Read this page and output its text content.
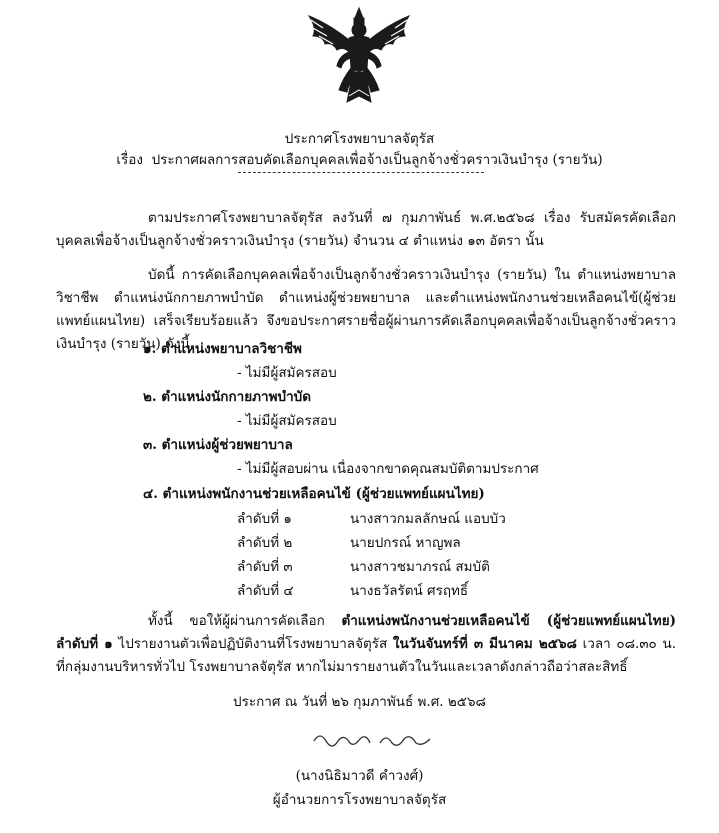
ประกาศโรงพยาบาลจัตุรัส
เรื่อง ประกาศผลการสอบคัดเลือกบุคคลเพื่อจ้างเป็นลูกจ้างชั่วคราวเงินบำรุง (รายวัน)
ตามประกาศโรงพยาบาลจัตุรัส ลงวันที่ ๗ กุมภาพันธ์ พ.ศ.๒๕๖๘ เรื่อง รับสมัครคัดเลือกบุคคลเพื่อจ้างเป็นลูกจ้างชั่วคราวเงินบำรุง (รายวัน) จำนวน ๔ ตำแหน่ง ๑๓ อัตรา นั้น
บัดนี้ การคัดเลือกบุคคลเพื่อจ้างเป็นลูกจ้างชั่วคราวเงินบำรุง (รายวัน) ใน ตำแหน่งพยาบาลวิชาชีพ ตำแหน่งนักกายภาพบำบัด ตำแหน่งผู้ช่วยพยาบาล และตำแหน่งพนักงานช่วยเหลือคนไข้(ผู้ช่วยแพทย์แผนไทย) เสร็จเรียบร้อยแล้ว จึงขอประกาศรายชื่อผู้ผ่านการคัดเลือกบุคคลเพื่อจ้างเป็นลูกจ้างชั่วคราวเงินบำรุง (รายวัน) ดังนี้
๑. ตำแหน่งพยาบาลวิชาชีพ
- ไม่มีผู้สมัครสอบ
๒. ตำแหน่งนักกายภาพบำบัด
- ไม่มีผู้สมัครสอบ
๓. ตำแหน่งผู้ช่วยพยาบาล
- ไม่มีผู้สอบผ่าน เนื่องจากขาดคุณสมบัติตามประกาศ
๔. ตำแหน่งพนักงานช่วยเหลือคนไข้ (ผู้ช่วยแพทย์แผนไทย)
ลำดับที่ ๑	นางสาวกมลลักษณ์ แอบบัว
ลำดับที่ ๒	นายปกรณ์ หาญพล
ลำดับที่ ๓	นางสาวชมาภรณ์ สมบัติ
ลำดับที่ ๔	นางธวัลรัตน์ ศรฤทธิ์
ทั้งนี้ ขอให้ผู้ผ่านการคัดเลือก ตำแหน่งพนักงานช่วยเหลือคนไข้ (ผู้ช่วยแพทย์แผนไทย) ลำดับที่ ๑ ไปรายงานตัวเพื่อปฏิบัติงานที่โรงพยาบาลจัตุรัส ในวันจันทร์ที่ ๓ มีนาคม ๒๕๖๘ เวลา ๐๘.๓๐ น. ที่กลุ่มงานบริหารทั่วไป โรงพยาบาลจัตุรัส หากไม่มารายงานตัวในวันและเวลาดังกล่าวถือว่าสละสิทธิ์
ประกาศ ณ วันที่ ๒๖ กุมภาพันธ์ พ.ศ. ๒๕๖๘
(นางนิธิมาวดี คำวงศ์)
ผู้อำนวยการโรงพยาบาลจัตุรัส
